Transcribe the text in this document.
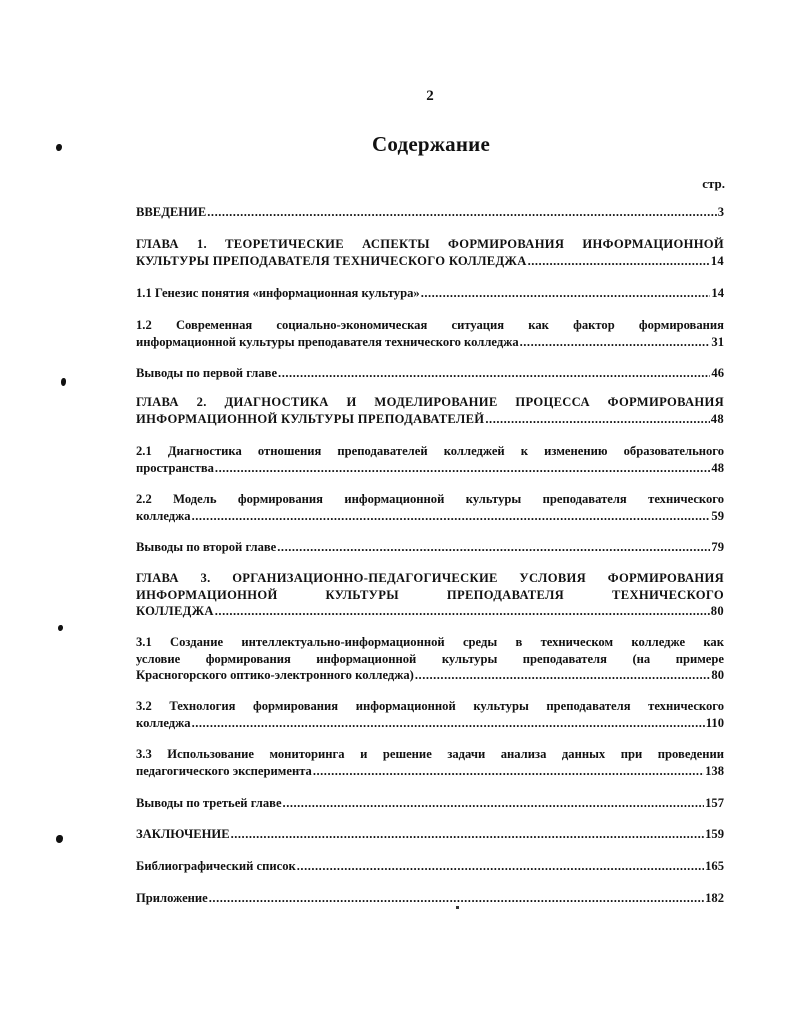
2
Содержание
стр.
ВВЕДЕНИЕ .....	3
ГЛАВА 1. ТЕОРЕТИЧЕСКИЕ АСПЕКТЫ ФОРМИРОВАНИЯ ИНФОРМАЦИОННОЙ
КУЛЬТУРЫ ПРЕПОДАВАТЕЛЯ ТЕХНИЧЕСКОГО КОЛЛЕДЖА .....	14
1.1 Генезис понятия «информационная культура» .....	14
1.2 Современная социально-экономическая ситуация как фактор формирования
информационной культуры преподавателя технического колледжа .....	31
Выводы по первой главе .....	46
ГЛАВА 2. ДИАГНОСТИКА И МОДЕЛИРОВАНИЕ ПРОЦЕССА ФОРМИРОВАНИЯ
ИНФОРМАЦИОННОЙ КУЛЬТУРЫ ПРЕПОДАВАТЕЛЕЙ .....	48
2.1 Диагностика отношения преподавателей колледжей к изменению образовательного
пространства .....	48
2.2 Модель формирования информационной культуры преподавателя технического
колледжа .....	59
Выводы по второй главе .....	79
ГЛАВА 3. ОРГАНИЗАЦИОННО-ПЕДАГОГИЧЕСКИЕ УСЛОВИЯ ФОРМИРОВАНИЯ
ИНФОРМАЦИОННОЙ КУЛЬТУРЫ ПРЕПОДАВАТЕЛЯ ТЕХНИЧЕСКОГО
КОЛЛЕДЖА .....	80
3.1 Создание интеллектуально-информационной среды в техническом колледже как
условие формирования информационной культуры преподавателя (на примере
Красногорского оптико-электронного колледжа) .....	80
3.2 Технология формирования информационной культуры преподавателя технического
колледжа .....	110
3.3 Использование мониторинга и решение задачи анализа данных при проведении
педагогического эксперимента .....	138
Выводы по третьей главе .....	157
ЗАКЛЮЧЕНИЕ .....	159
Библиографический список .....	165
Приложение .....	182
